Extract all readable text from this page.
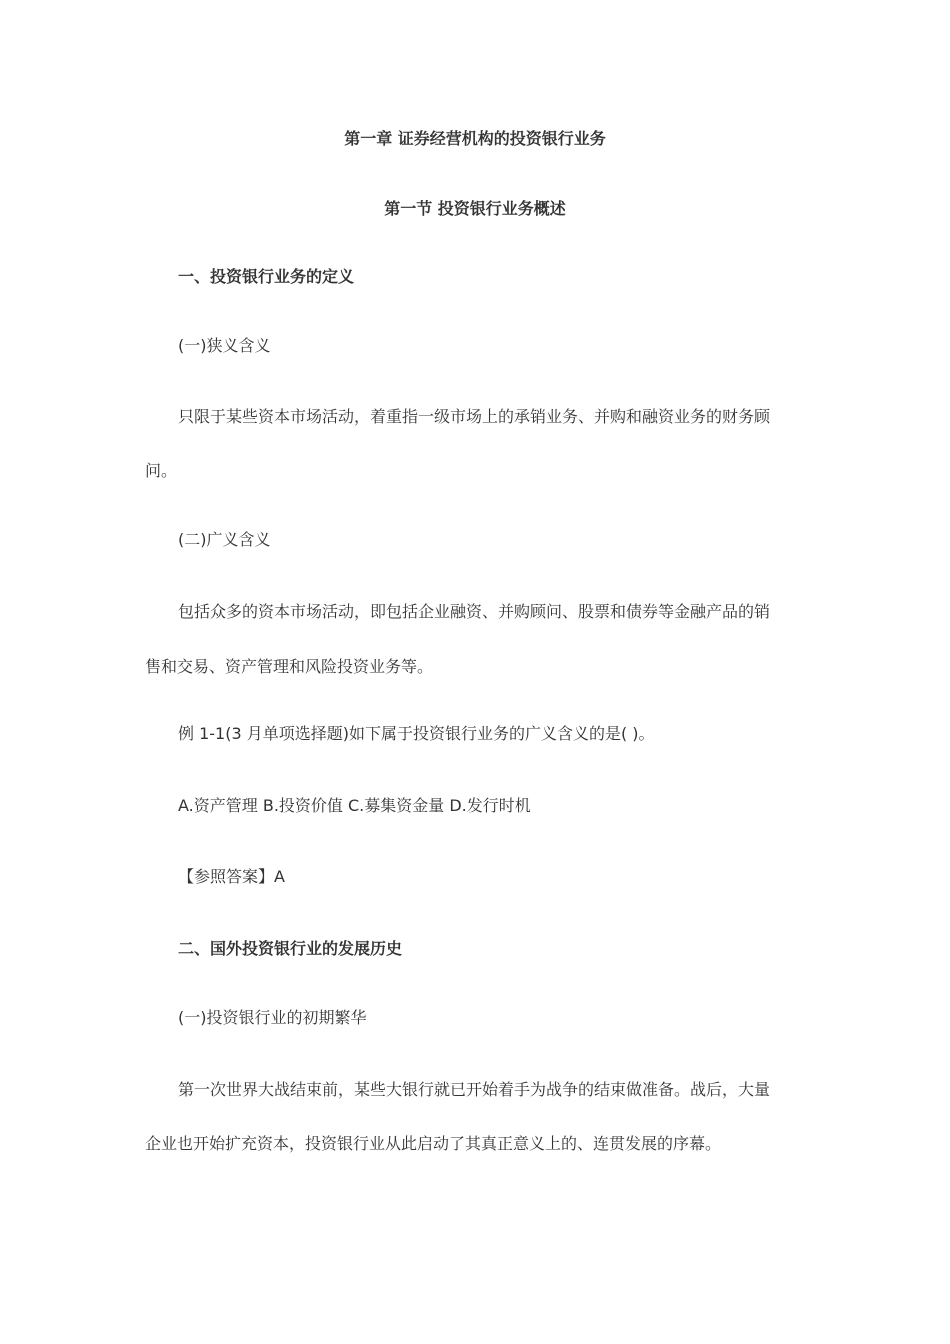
第一章 证券经营机构的投资银行业务

第一节 投资银行业务概述

一、投资银行业务的定义

(一)狭义含义

只限于某些资本市场活动，着重指一级市场上的承销业务、并购和融资业务的财务顾

问。

(二)广义含义

包括众多的资本市场活动，即包括企业融资、并购顾问、股票和债券等金融产品的销

售和交易、资产管理和风险投资业务等。

例 1-1(3 月单项选择题)如下属于投资银行业务的广义含义的是( )。

A.资产管理 B.投资价值 C.募集资金量 D.发行时机

【参照答案】A

二、国外投资银行业的发展历史

(一)投资银行业的初期繁华

第一次世界大战结束前，某些大银行就已开始着手为战争的结束做准备。战后，大量

企业也开始扩充资本，投资银行业从此启动了其真正意义上的、连贯发展的序幕。
